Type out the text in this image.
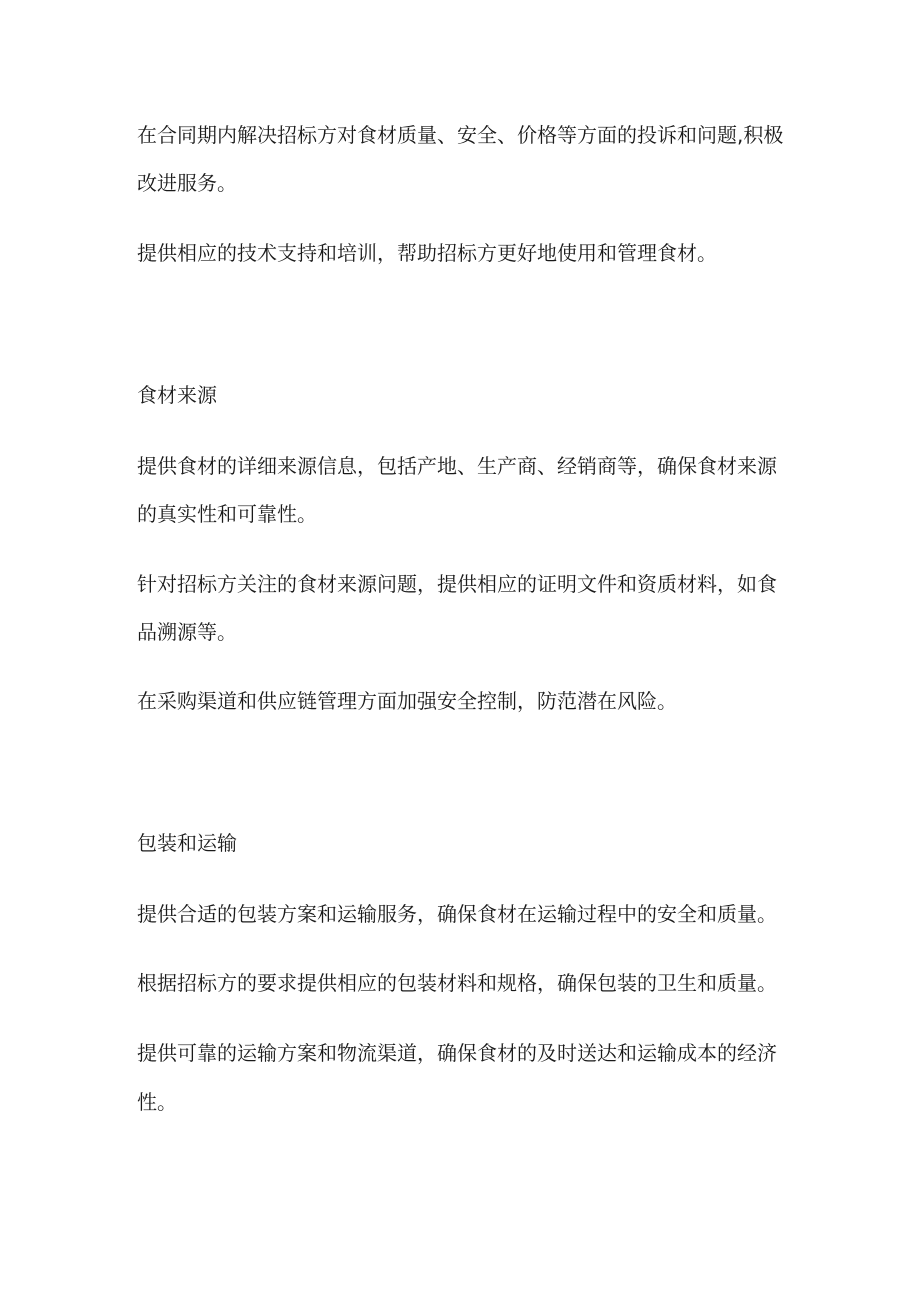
在合同期内解决招标方对食材质量、安全、价格等方面的投诉和问题,积极
改进服务。
提供相应的技术支持和培训，帮助招标方更好地使用和管理食材。
食材来源
提供食材的详细来源信息，包括产地、生产商、经销商等，确保食材来源
的真实性和可靠性。
针对招标方关注的食材来源问题，提供相应的证明文件和资质材料，如食
品溯源等。
在采购渠道和供应链管理方面加强安全控制，防范潜在风险。
包装和运输
提供合适的包装方案和运输服务，确保食材在运输过程中的安全和质量。
根据招标方的要求提供相应的包装材料和规格，确保包装的卫生和质量。
提供可靠的运输方案和物流渠道，确保食材的及时送达和运输成本的经济
性。
